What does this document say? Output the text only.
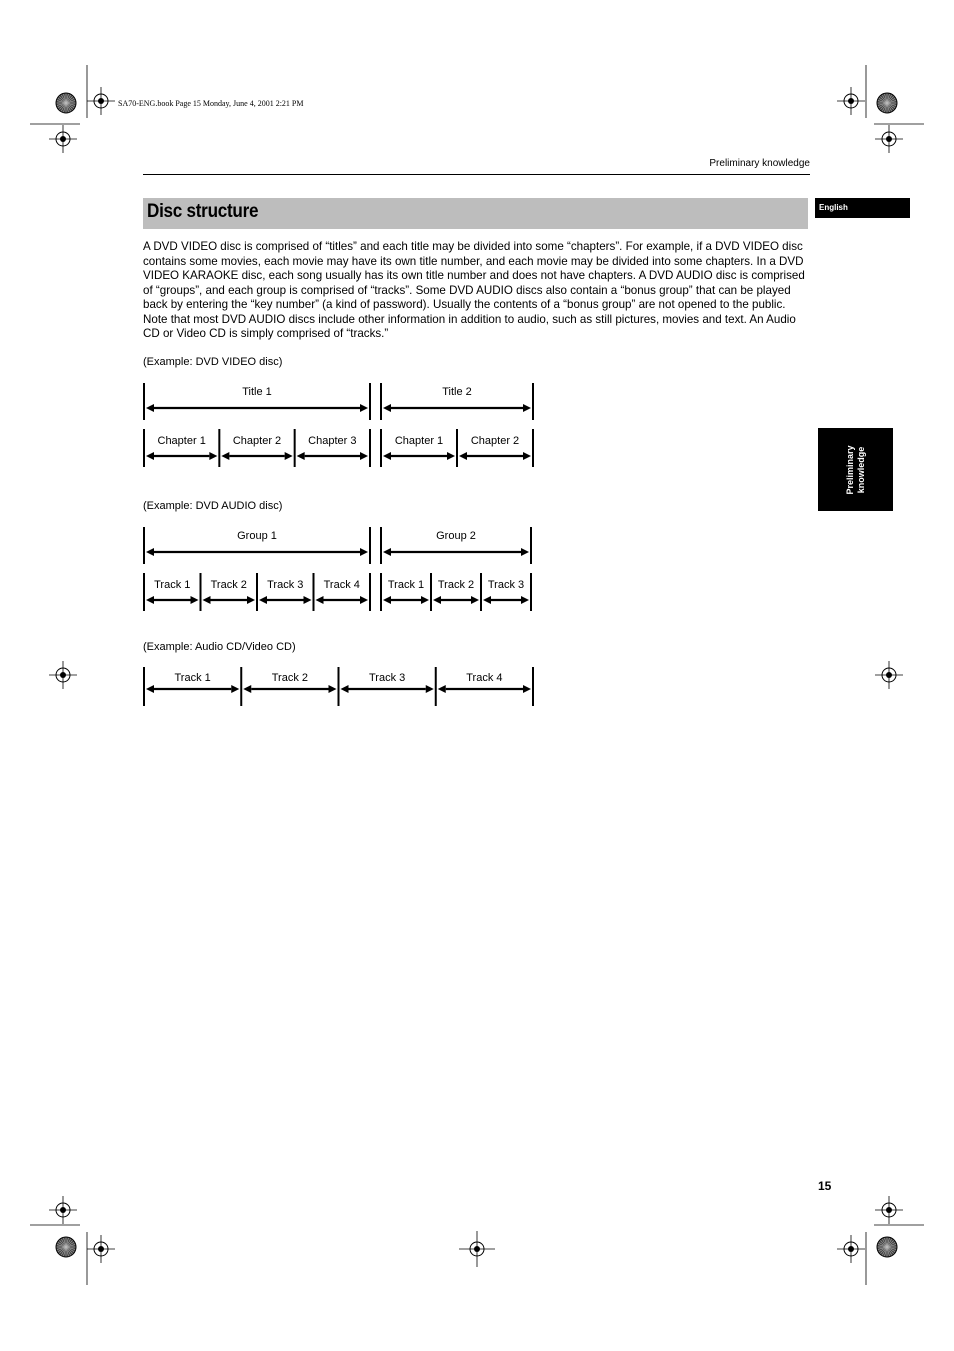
SA70-ENG.book Page 15 Monday, June 4, 2001 2:21 PM
Preliminary knowledge
Disc structure	English
Preliminary knowledge
A DVD VIDEO disc is comprised of “titles” and each title may be divided into some “chapters”. For example, if a DVD VIDEO disc contains some movies, each movie may have its own title number, and each movie may be divided into some chapters. In a DVD VIDEO KARAOKE disc, each song usually has its own title number and does not have chapters. A DVD AUDIO disc is comprised of “groups”, and each group is comprised of “tracks”. Some DVD AUDIO discs also contain a “bonus group” that can be played back by entering the “key number” (a kind of password). Usually the contents of a “bonus group” are not opened to the public. Note that most DVD AUDIO discs include other information in addition to audio, such as still pictures, movies and text. An Audio CD or Video CD is simply comprised of “tracks.”
(Example: DVD VIDEO disc)
(Example: DVD AUDIO disc)
(Example: Audio CD/Video CD)
Title 1
Chapter 1 Chapter 2 Chapter 3
Title 2
Chapter 1	Chapter 2
Group 1
Track 1 Track 2 Track 3 Track 4
Group 2
Track 1 Track 2 Track 3
Track 1	Track 2	Track 3	Track 4
15
